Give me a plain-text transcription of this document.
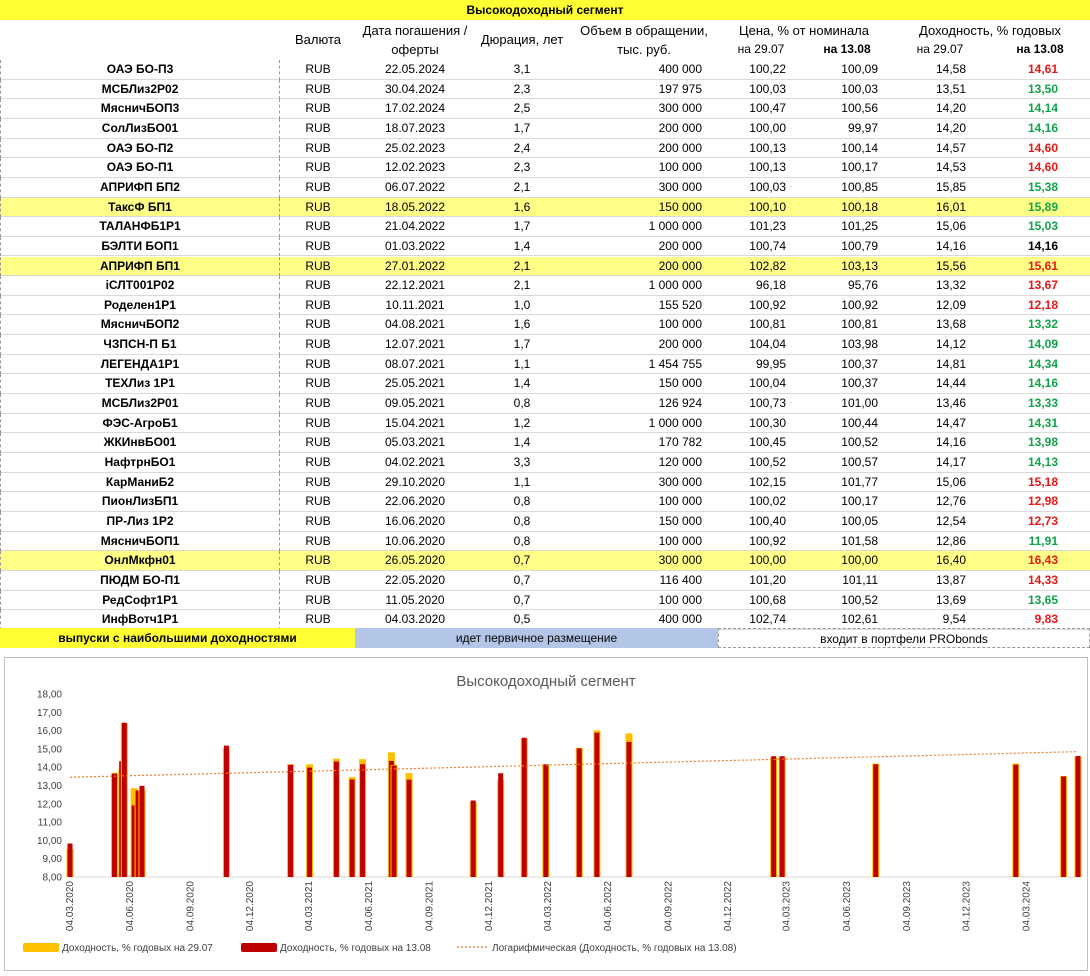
Высокодоходный сегмент
Валюта
Дата погашения /
оферты
Дюрация, лет
Объем в обращении,
тыс. руб.
Цена, % от номинала	Доходность, % годовых
на 29.07	на 13.08	на 29.07	на 13.08
ОАЭ БО-П3	RUB	22.05.2024	3,1	400 000	100,22	100,09	14,58	14,61
МСБЛиз2Р02	RUB	30.04.2024	2,3	197 975	100,03	100,03	13,51	13,50
МясничБОП3	RUB	17.02.2024	2,5	300 000	100,47	100,56	14,20	14,14
СолЛизБО01	RUB	18.07.2023	1,7	200 000	100,00	99,97	14,20	14,16
ОАЭ БО-П2	RUB	25.02.2023	2,4	200 000	100,13	100,14	14,57	14,60
ОАЭ БО-П1	RUB	12.02.2023	2,3	100 000	100,13	100,17	14,53	14,60
АПРИФП БП2	RUB	06.07.2022	2,1	300 000	100,03	100,85	15,85	15,38
ТаксФ БП1	RUB	18.05.2022	1,6	150 000	100,10	100,18	16,01	15,89
ТАЛАНФБ1Р1	RUB	21.04.2022	1,7	1 000 000	101,23	101,25	15,06	15,03
БЭЛТИ БОП1	RUB	01.03.2022	1,4	200 000	100,74	100,79	14,16	14,16
АПРИФП БП1	RUB	27.01.2022	2,1	200 000	102,82	103,13	15,56	15,61
iСЛТ001Р02	RUB	22.12.2021	2,1	1 000 000	96,18	95,76	13,32	13,67
Роделен1Р1	RUB	10.11.2021	1,0	155 520	100,92	100,92	12,09	12,18
МясничБОП2	RUB	04.08.2021	1,6	100 000	100,81	100,81	13,68	13,32
ЧЗПСН-П Б1	RUB	12.07.2021	1,7	200 000	104,04	103,98	14,12	14,09
ЛЕГЕНДА1Р1	RUB	08.07.2021	1,1	1 454 755	99,95	100,37	14,81	14,34
ТЕХЛиз 1Р1	RUB	25.05.2021	1,4	150 000	100,04	100,37	14,44	14,16
МСБЛиз2Р01	RUB	09.05.2021	0,8	126 924	100,73	101,00	13,46	13,33
ФЭС-АгроБ1	RUB	15.04.2021	1,2	1 000 000	100,30	100,44	14,47	14,31
ЖКИнвБО01	RUB	05.03.2021	1,4	170 782	100,45	100,52	14,16	13,98
НафтрнБО1	RUB	04.02.2021	3,3	120 000	100,52	100,57	14,17	14,13
КарМаниБ2	RUB	29.10.2020	1,1	300 000	102,15	101,77	15,06	15,18
ПионЛизБП1	RUB	22.06.2020	0,8	100 000	100,02	100,17	12,76	12,98
ПР-Лиз 1Р2	RUB	16.06.2020	0,8	150 000	100,40	100,05	12,54	12,73
МясничБОП1	RUB	10.06.2020	0,8	100 000	100,92	101,58	12,86	11,91
ОнлМкфн01	RUB	26.05.2020	0,7	300 000	100,00	100,00	16,40	16,43
ПЮДМ БО-П1	RUB	22.05.2020	0,7	116 400	101,20	101,11	13,87	14,33
РедСофт1Р1	RUB	11.05.2020	0,7	100 000	100,68	100,52	13,69	13,65
ИнфВотч1Р1	RUB	04.03.2020	0,5	400 000	102,74	102,61	9,54	9,83
выпуски с наибольшими доходностями	идет первичное размещение	входит в портфели PRObonds
Высокодоходный сегмент
8,00
9,00
10,00
11,00
12,00
13,00
14,00
15,00
16,00
17,00
18,00
04.03.2020	04.06.2020	04.09.2020	04.12.2020	04.03.2021	04.06.2021	04.09.2021	04.12.2021	04.03.2022	04.06.2022	04.09.2022	04.12.2022	04.03.2023	04.06.2023	04.09.2023	04.12.2023	04.03.2024
Доходность, % годовых на 29.07	Доходность, % годовых на 13.08	Логарифмическая (Доходность, % годовых на 13.08)
